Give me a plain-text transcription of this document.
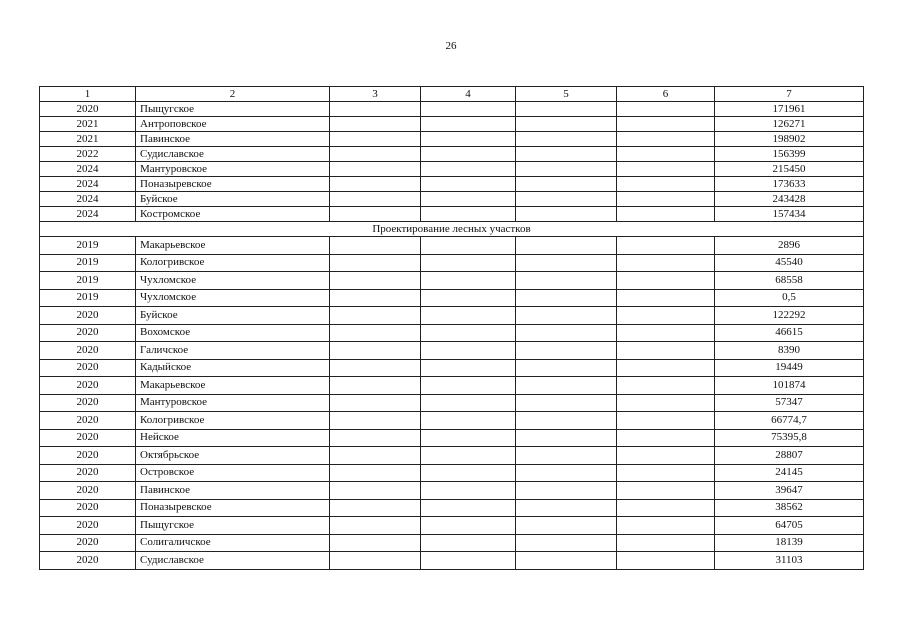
26
1	2	3	4	5	6	7
2020	Пыщугское					171961
2021	Антроповское					126271
2021	Павинское					198902
2022	Судиславское					156399
2024	Мантуровское					215450
2024	Поназыревское					173633
2024	Буйское					243428
2024	Костромское					157434
Проектирование лесных участков						
2019	Макарьевское					2896
2019	Кологривское					45540
2019	Чухломское					68558
2019	Чухломское					0,5
2020	Буйское					122292
2020	Вохомское					46615
2020	Галичское					8390
2020	Кадыйское					19449
2020	Макарьевское					101874
2020	Мантуровское					57347
2020	Кологривское					66774,7
2020	Нейское					75395,8
2020	Октябрьское					28807
2020	Островское					24145
2020	Павинское					39647
2020	Поназыревское					38562
2020	Пыщугское					64705
2020	Солигаличское					18139
2020	Судиславское					31103
